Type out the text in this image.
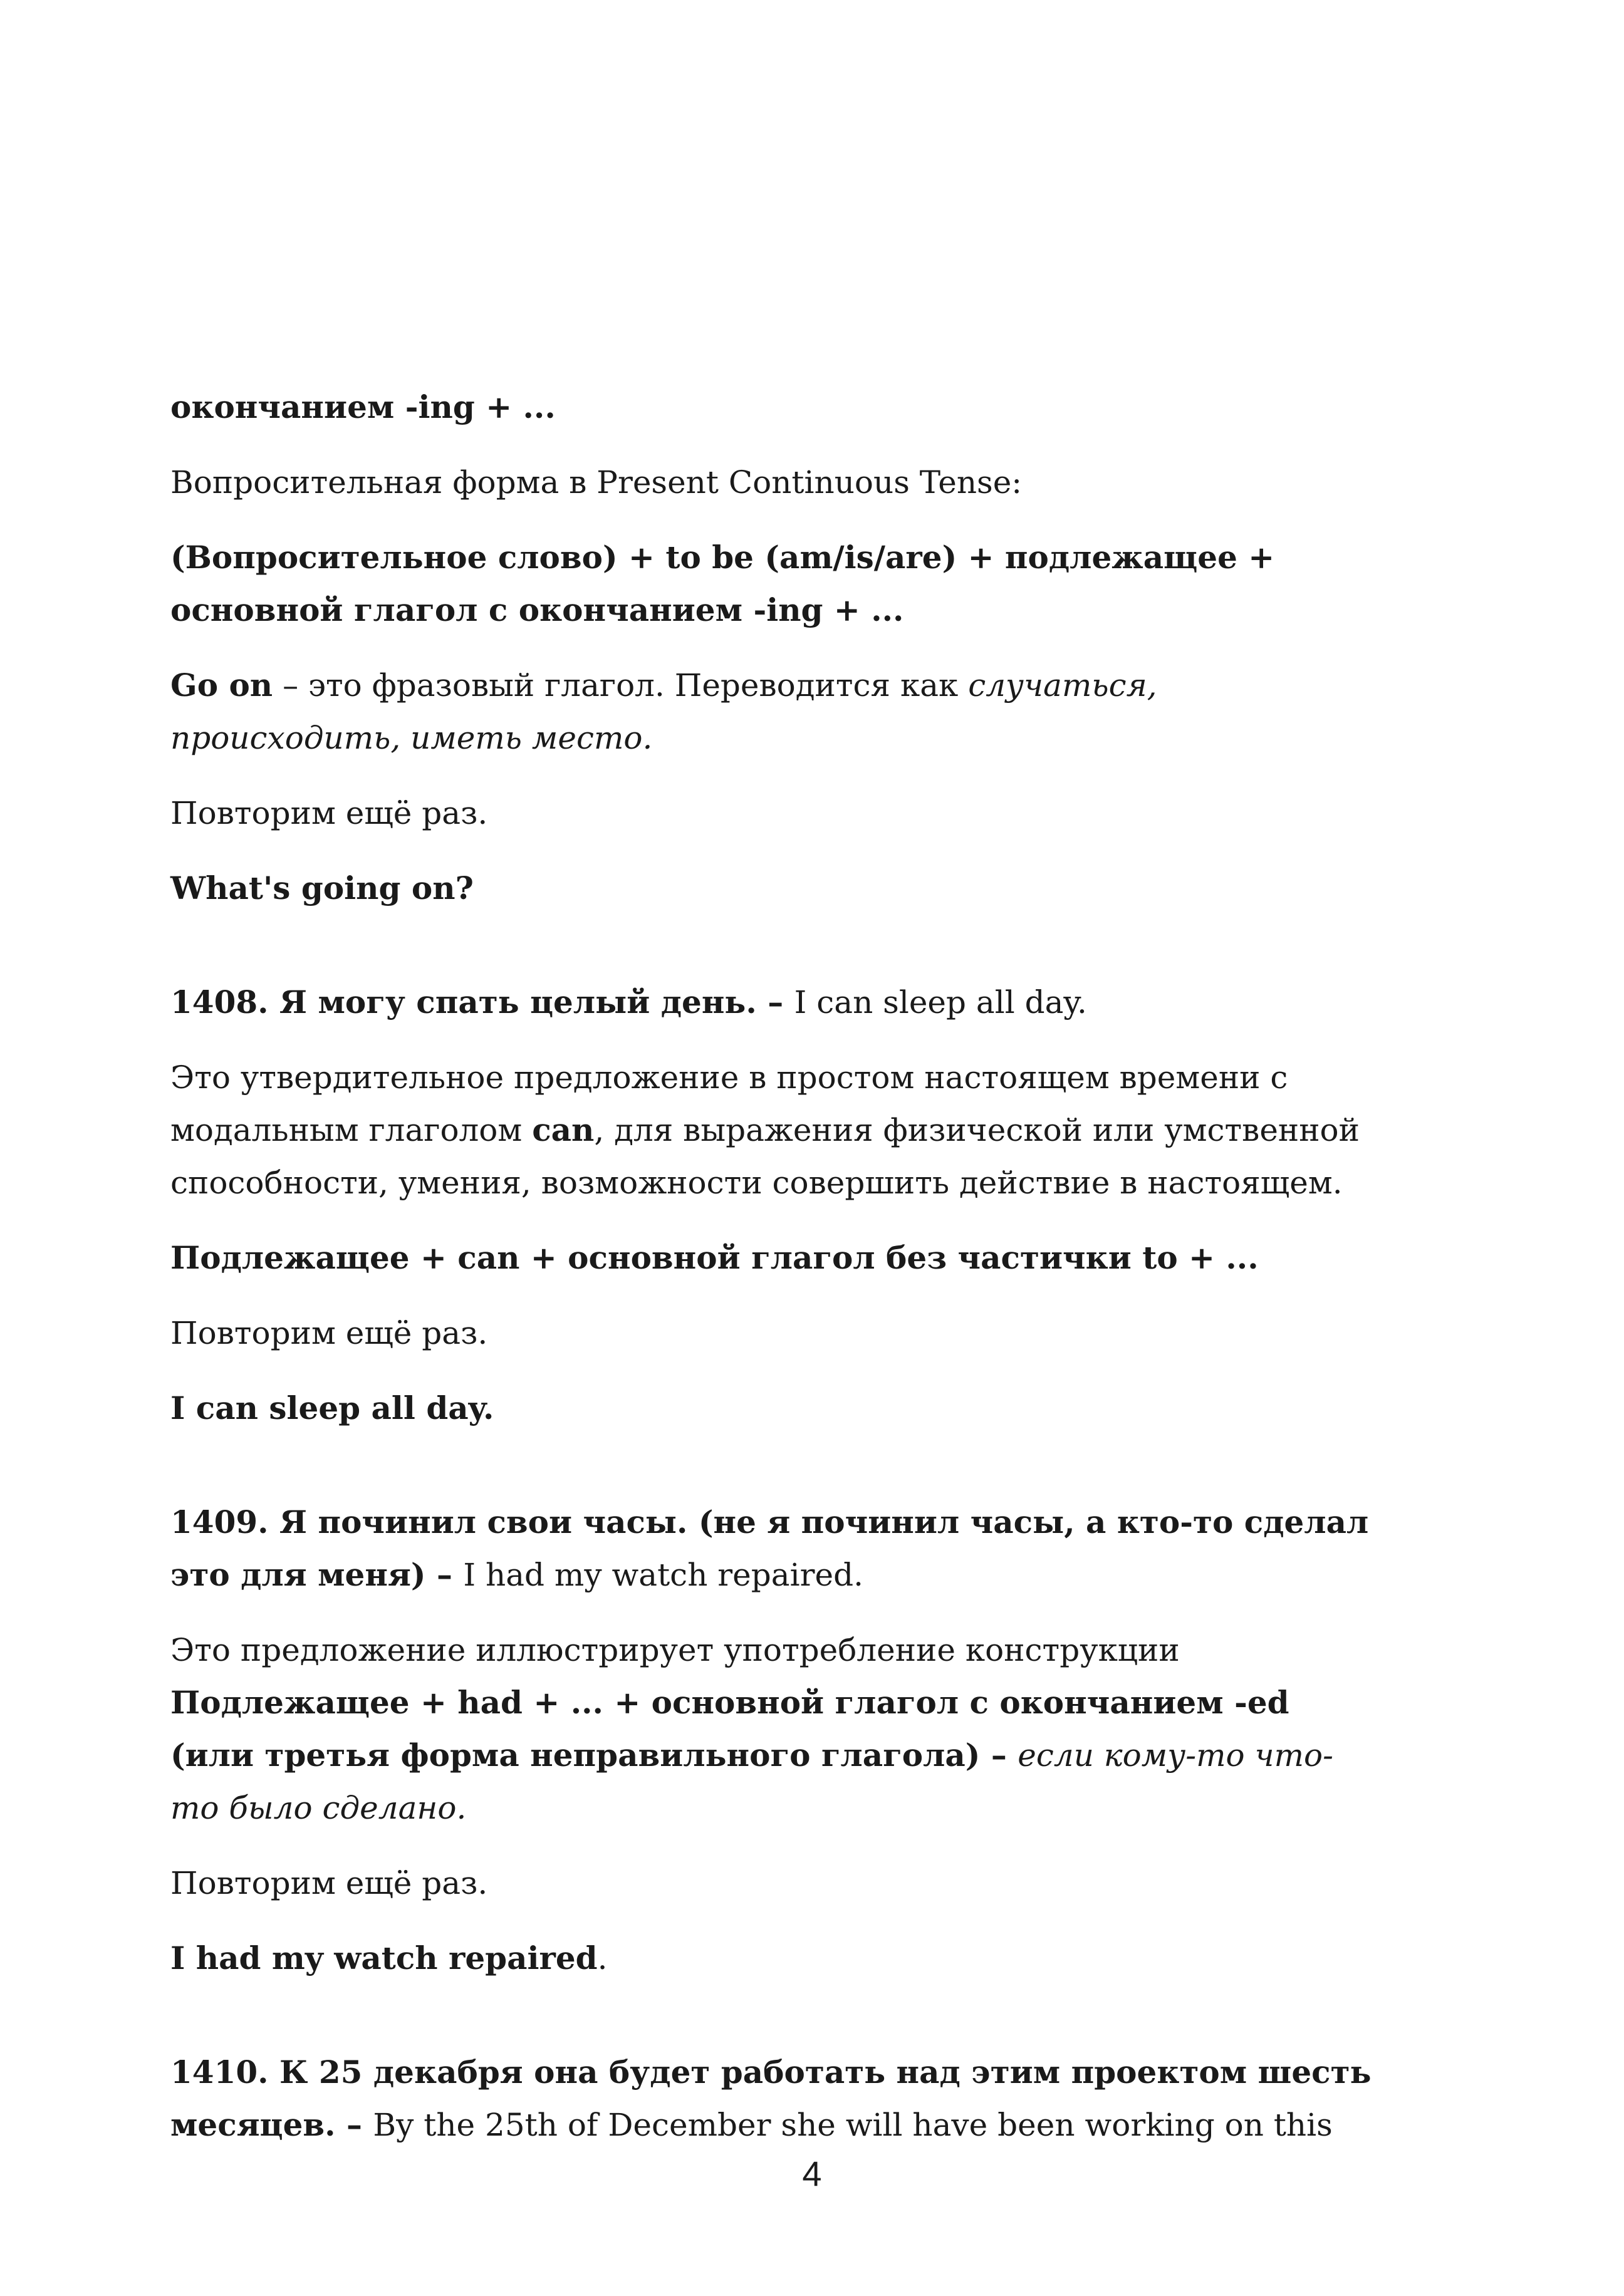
окончанием -ing + ...

Вопросительная форма в Present Continuous Tense:

(Вопросительное слово) + to be (am/is/are) + подлежащее + основной глагол с окончанием -ing + ...

Go on – это фразовый глагол. Переводится как случаться, происходить, иметь место.

Повторим ещё раз.

What's going on?

1408. Я могу спать целый день. – I can sleep all day.

Это утвердительное предложение в простом настоящем времени с модальным глаголом can, для выражения физической или умственной способности, умения, возможности совершить действие в настоящем.

Подлежащее + can + основной глагол без частички to + ...

Повторим ещё раз.

I can sleep all day.

1409. Я починил свои часы. (не я починил часы, а кто-то сделал это для меня) – I had my watch repaired.

Это предложение иллюстрирует употребление конструкции Подлежащее + had + ... + основной глагол с окончанием -ed (или третья форма неправильного глагола) – если кому-то что-то было сделано.

Повторим ещё раз.

I had my watch repaired.

1410. К 25 декабря она будет работать над этим проектом шесть месяцев. – By the 25th of December she will have been working on this

4
